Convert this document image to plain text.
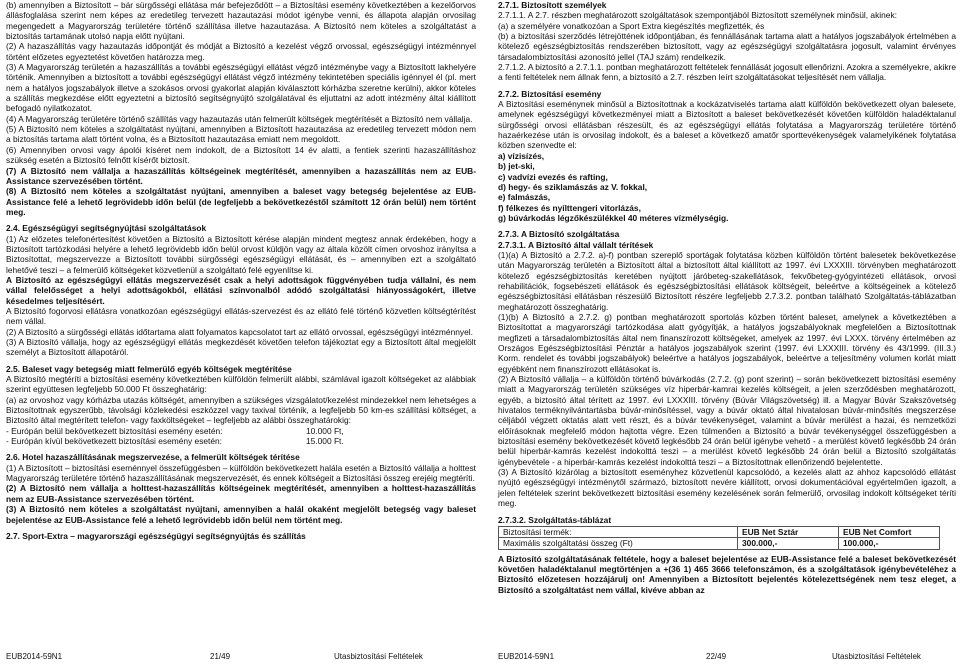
(b) amennyiben a Biztosított – bár sürgősségi ellátása már befejeződött – a Biztosítási esemény következtében a kezelőorvos állásfoglalása szerint nem képes az eredetileg tervezett hazautazási módot igénybe venni, és állapota alapján orvosilag megengedett a Magyarország területére történő szállítása illetve hazautazása. A Biztosító nem köteles a szolgáltatást a biztosítás tartamának utolsó napja előtt nyújtani.

(2) A hazaszállítás vagy hazautazás időpontját és módját a Biztosító a kezelést végző orvossal, egészségügyi intézménnyel történt előzetes egyeztetést követően határozza meg.

(3) A Magyarország területén a hazaszállítás a további egészségügyi ellátást végző intézménybe vagy a Biztosított lakhelyére történik. Amennyiben a biztosított a további egészségügyi ellátást végző intézmény tekintetében speciális igénnyel él (pl. mert nem a hatályos jogszabályok illetve a szokásos orvosi gyakorlat alapján kiválasztott kórházba szeretne kerülni), akkor köteles a szállítás megkezdése előtt egyeztetni a biztosító segítségnyújtó szolgálatával és eljuttatni az adott intézmény által kiállított befogadó nyilatkozatot.

(4) A Magyarország területére történő szállítás vagy hazautazás után felmerült költségek megtérítését a Biztosító nem vállalja.

(5) A Biztosító nem köteles a szolgáltatást nyújtani, amennyiben a Biztosított hazautazása az eredetileg tervezett módon nem a biztosítás tartama alatt történt volna, és a Biztosított hazautazása emiatt nem megoldott.

(6) Amennyiben orvosi vagy ápolói kíséret nem indokolt, de a Biztosított 14 év alatti, a fentiek szerinti hazaszállításhoz szükség esetén a Biztosító felnőtt kísérőt biztosít.

(7) A Biztosító nem vállalja a hazaszállítás költségeinek megtérítését, amennyiben a hazaszállítás nem az EUB-Assistance szervezésében történt.

(8) A Biztosító nem köteles a szolgáltatást nyújtani, amennyiben a baleset vagy betegség bejelentése az EUB-Assistance felé a lehető legrövidebb időn belül (de legfeljebb a bekövetkezéstől számított 12 órán belül) nem történt meg.

2.4. Egészségügyi segítségnyújtási szolgáltatások

(1) Az előzetes telefonértesítést követően a Biztosító a Biztosított kérése alapján mindent megtesz annak érdekében, hogy a Biztosított tartózkodási helyére a lehető legrövidebb időn belül orvost küldjön vagy az általa közölt címen orvoshoz irányítsa a Biztosítottat, megszervezze a Biztosított további sürgősségi egészségügyi ellátását, és – amennyiben ezt a szolgáltató lehetővé teszi – a felmerülő költségeket közvetlenül a szolgáltató felé egyenlítse ki.

A Biztosító az egészségügyi ellátás megszervezését csak a helyi adottságok függvényében tudja vállalni, és nem vállal felelősséget a helyi adottságokból, ellátási színvonalból adódó szolgáltatási hiányosságokért, illetve késedelmes teljesítésért.

A Biztosító fogorvosi ellátásra vonatkozóan egészségügyi ellátás-szervezést és az ellátó felé történő közvetlen költségtérítést nem vállal.

(2) A Biztosító a sürgősségi ellátás időtartama alatt folyamatos kapcsolatot tart az ellátó orvossal, egészségügyi intézménnyel.

(3) A Biztosító vállalja, hogy az egészségügyi ellátás megkezdését követően telefon tájékoztat egy a Biztosított által megjelölt személyt a Biztosított állapotáról.

2.5. Baleset vagy betegség miatt felmerülő egyéb költségek megtérítése

A Biztosító megtéríti a biztosítási esemény következtében külföldön felmerült alábbi, számlával igazolt költségeket az alábbiak szerint együttesen legfeljebb 50.000 Ft összeghatárig:

(a) az orvoshoz vagy kórházba utazás költségét, amennyiben a szükséges vizsgálatot/kezelést mindezekkel nem lehetséges a Biztosítottnak egyszerűbb, távolsági közlekedési eszközzel vagy taxival történik, a legfeljebb 50 km-es szállítási költséget, a Biztosító által megtérített telefon- vagy faxköltségeket – legfeljebb az alábbi összeghatárokig:

- Európán belül bekövetkezett biztosítási esemény esetén:	10.000 Ft,

- Európán kívül bekövetkezett biztosítási esemény esetén:	15.000 Ft.

2.6. Hotel hazaszállításának megszervezése, a felmerült költségek térítése

(1) A Biztosított – biztosítási eseménnyel összefüggésben – külföldön bekövetkezett halála esetén a Biztosító vállalja a holttest Magyarország területére történő hazaszállításának megszervezését, és ennek költségeit a Biztosítási összeg erejéig megtéríti.

(2) A Biztosító nem vállalja a holttest-hazaszállítás költségeinek megtérítését, amennyiben a holttest-hazaszállítás nem az EUB-Assistance szervezésében történt.

(3) A Biztosító nem köteles a szolgáltatást nyújtani, amennyiben a halál okaként megjelölt betegség vagy baleset bejelentése az EUB-Assistance felé a lehető legrövidebb időn belül nem történt meg.

2.7. Sport-Extra – magyarországi egészségügyi segítségnyújtás és szállítás

2.7.1. Biztosított személyek

2.7.1.1. A 2.7. részben meghatározott szolgáltatások szempontjából Biztosított személynek minősül, akinek:

(a) a személyére vonatkozóan a Sport Extra kiegészítés megfizették, és

(b) a biztosítási szerződés létrejöttének időpontjában, és fennállásának tartama alatt a hatályos jogszabályok értelmében a kötelező egészségbiztosítás rendszerében biztosított, vagy az egészségügyi szolgáltatásra jogosult, valamint érvényes társadalombiztosítási azonosító jellel (TAJ szám) rendelkezik.

2.7.1.2. A biztosító a 2.7.1.1. pontban meghatározott feltételek fennállását jogosult ellenőrizni. Azokra a személyekre, akikre a fenti feltételek nem állnak fenn, a biztosító a 2.7. részben leírt szolgáltatásokat teljesítését nem vállalja.

2.7.2. Biztosítási esemény

A Biztosítási eseménynek minősül a Biztosítottnak a kockázatviselés tartama alatt külföldön bekövetkezett olyan balesete, amelynek egészségügyi következményei miatt a Biztosított a baleset bekövetkezését követően külföldön haladéktalanul sürgősségi orvosi ellátásban részesült, és az egészségügyi ellátás folytatása a Magyarország területére történő hazaérkezése után is orvosilag indokolt, és a baleset a következő amatőr sporttevékenységek valamelyikének folytatása közben szenvedte el:

a) vízisízés,

b) jet-ski,

c) vadvízi evezés és rafting,

d) hegy- és sziklamászás az V. fokkal,

e) falmászás,

f) félkezes és nyílttengeri vitorlázás,

g) búvárkodás légzőkészülékkel 40 méteres vízmélységig.

2.7.3. A Biztosító szolgáltatása

2.7.3.1. A Biztosító által vállalt térítések

(1)(a) A Biztosító a 2.7.2. a)-f) pontban szereplő sportágak folytatása közben külföldön történt balesetek bekövetkezése után Magyarország területén a Biztosított által a biztosított által kiállított az 1997. évi LXXXIII. törvényben meghatározott kötelező egészségbiztosítás keretében nyújtott járóbeteg-szakellátások, fekvőbeteg-gyógyintézeti ellátások, orvosi rehabilitációk, fogsebészeti ellátások és egészségbiztosítási ellátások költségeit, beleértve a költségeinek a kötelező egészségbiztosítási ellátásban részesülő Biztosított részére legfeljebb 2.7.3.2. pontban található Szolgáltatás-táblázatban meghatározott összeghatárig.

(1)(b) A Biztosító a 2.7.2. g) pontban meghatározott sportolás közben történt baleset, amelynek a következtében a Biztosítottat a magyarországi tartózkodása alatt gyógyítják, a hatályos jogszabályoknak megfelelően a Biztosítottnak megfizeti a társadalombiztosítás által nem finanszírozott költségeket, amelyek az 1997. évi LXXX. törvény értelmében az Országos Egészségbiztosítási Pénztár a hatályos jogszabályok szerint (1997. évi LXXXIII. törvény és 43/1999. (III.3.) Korm. rendelet és további jogszabályok) beleértve a hatályos jogszabályok, beleértve a teljesítmény volumen korlát miatt egyébként nem finanszírozott ellátásokat is.

(2) A Biztosító vállalja – a külföldön történő búvárkodás (2.7.2. (g) pont szerint) – során bekövetkezett biztosítási esemény miatt a Magyarország területén szükséges víz hiperbár-kamrai kezelés költségeit, a jelen szerződésben meghatározott, egyéb, a biztosító által térített az 1997. évi LXXXIII. törvény (Búvár Világszövetség) ill. a Magyar Búvár Szakszövetség hivatalos terméknyilvántartásba búvár-minősítéssel, vagy a búvár oktató által hivatalosan búvár-minősítés megszerzése céljából végzett oktatás alatt vett részt, és a búvár tevékenységet, valamint a búvár merülést a hazai, és nemzetközi előírásoknak megfelelő módon hajtotta végre. Ezen túlmenően a Biztosító a búvár tevékenységgel összefüggésben a biztosítási esemény bekövetkezését követő legkésőbb 24 órán belül igénybe vehető - a merülést követő legkésőbb 24 órán belül hiperbár-kamrás kezelést indokolttá teszi – a merülést követő legkésőbb 24 órán belül a Biztosító szolgáltatás igénybevétele - a hiperbár-kamrás kezelést indokolttá teszi – a Biztosítottnak ellenőrizendő bejelentette.

(3) A Biztosító kizárólag a biztosított eseményhez közvetlenül kapcsolódó, a kezelés alatt az ahhoz kapcsolódó ellátást nyújtó egészségügyi intézménytől származó, biztosított nevére kiállított, orvosi dokumentációval egyértelműen igazolt, a jelen feltételek szerint bekövetkezett biztosítási esemény kezelésének során felmerülő, orvosilag indokolt költségeket téríti meg.

2.7.3.2. Szolgáltatás-táblázat

Biztosítási termék:	EUB Net Sztár	EUB Net Comfort
Maximális szolgáltatási összeg (Ft)	300.000,-	100.000,-

A Biztosító szolgáltatásának feltétele, hogy a baleset bejelentése az EUB-Assistance felé a baleset bekövetkezését követően haladéktalanul megtörténjen a +(36 1) 465 3666 telefonszámon, és a szolgáltatások igénybevételéhez a Biztosító előzetesen hozzájárulj on! Amennyiben a Biztosított bejelentés kötelezettségének nem tesz eleget, a Biztosító a szolgáltatást nem vállal, kivéve abban az

EUB2014-59N1	21/49	Utasbiztosítási Feltételek	EUB2014-59N1	22/49	Utasbiztosítási Feltételek
